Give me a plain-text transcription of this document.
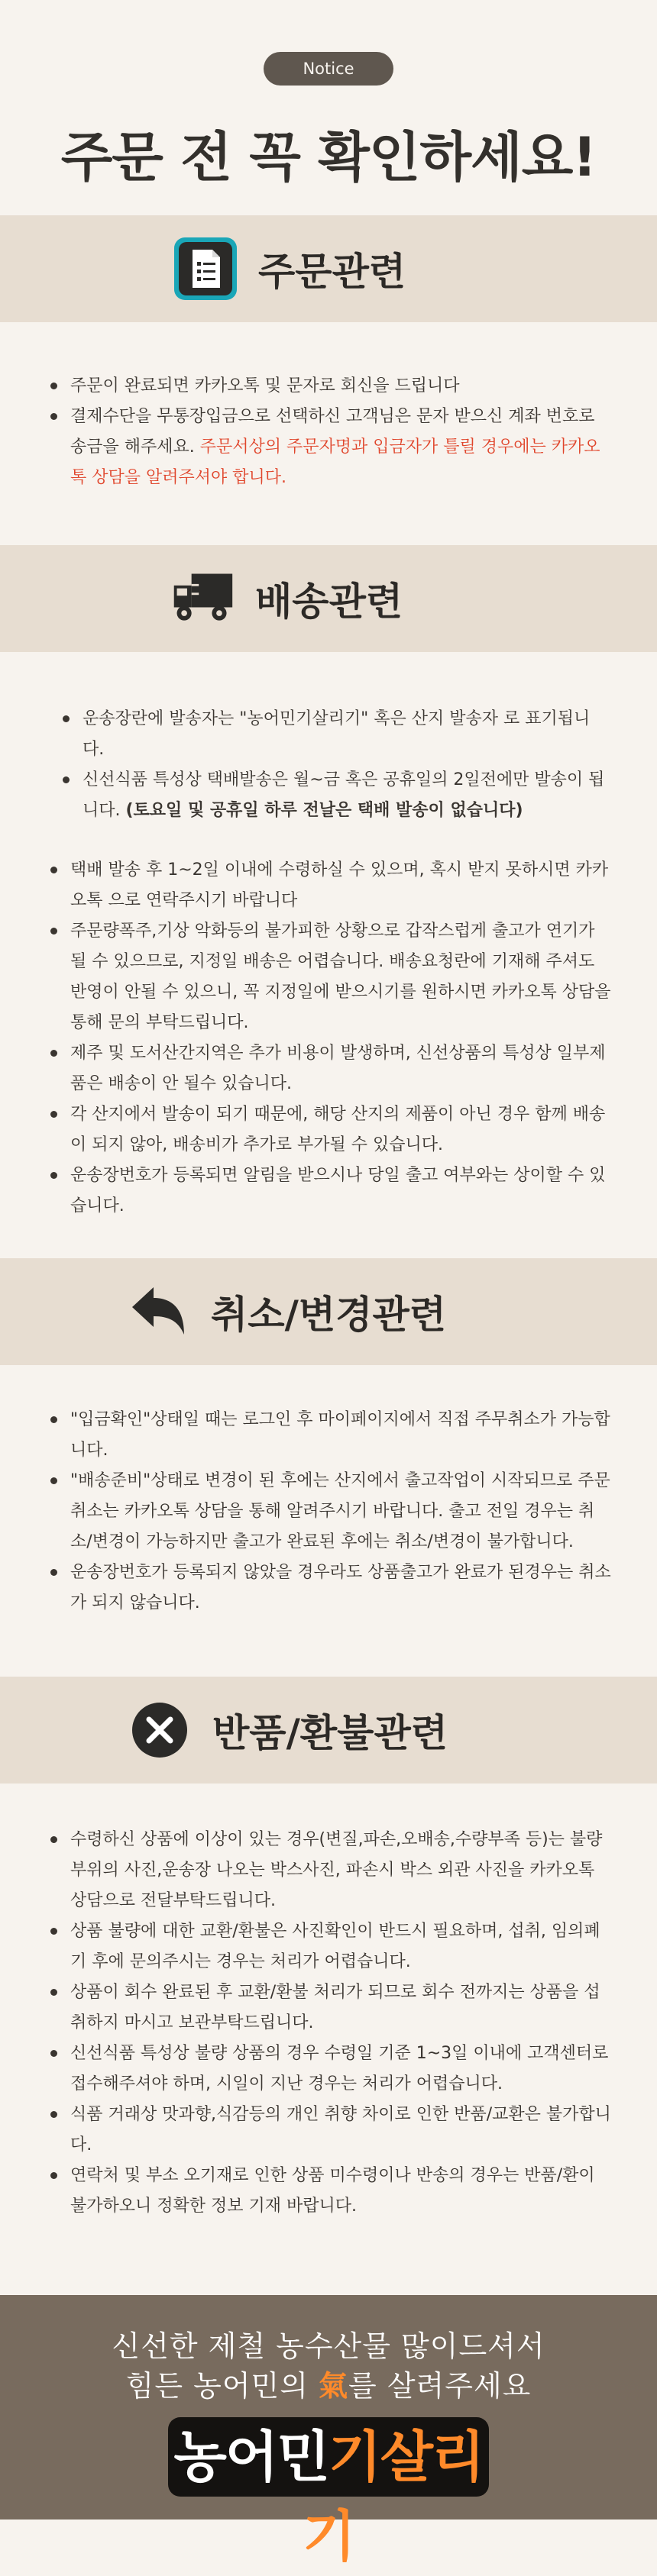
Notice
주문 전 꼭 확인하세요!
주문관련
주문이 완료되면 카카오톡 및 문자로 회신을 드립니다
결제수단을 무통장입금으로 선택하신 고객님은 문자 받으신 계좌 번호로 송금을 해주세요. 주문서상의 주문자명과 입금자가 틀릴 경우에는 카카오톡 상담을 알려주셔야 합니다.
배송관련
운송장란에 발송자는 "농어민기살리기" 혹은 산지 발송자 로 표기됩니다.
신선식품 특성상 택배발송은 월~금 혹은 공휴일의 2일전에만 발송이 됩니다. (토요일 및 공휴일 하루 전날은 택배 발송이 없습니다)
택배 발송 후 1~2일 이내에 수령하실 수 있으며, 혹시 받지 못하시면 카카오톡 으로 연락주시기 바랍니다
주문량폭주,기상 악화등의 불가피한 상황으로 갑작스럽게 출고가 연기가 될 수 있으므로, 지정일 배송은 어렵습니다. 배송요청란에 기재해 주셔도 반영이 안될 수 있으니, 꼭 지정일에 받으시기를 원하시면 카카오톡 상담을 통해 문의 부탁드립니다.
제주 및 도서산간지역은 추가 비용이 발생하며, 신선상품의 특성상 일부제품은 배송이 안 될수 있습니다.
각 산지에서 발송이 되기 때문에, 해당 산지의 제품이 아닌 경우 함께 배송이 되지 않아, 배송비가 추가로 부가될 수 있습니다.
운송장번호가 등록되면 알림을 받으시나 당일 출고 여부와는 상이할 수 있습니다.
취소/변경관련
"입금확인"상태일 때는 로그인 후 마이페이지에서 직접 주무취소가 가능합니다.
"배송준비"상태로 변경이 된 후에는 산지에서 출고작업이 시작되므로 주문취소는 카카오톡 상담을 통해 알려주시기 바랍니다. 출고 전일 경우는 취소/변경이 가능하지만 출고가 완료된 후에는 취소/변경이 불가합니다.
운송장번호가 등록되지 않았을 경우라도 상품출고가 완료가 된경우는 취소가 되지 않습니다.
반품/환불관련
수령하신 상품에 이상이 있는 경우(변질,파손,오배송,수량부족 등)는 불량 부위의 사진,운송장 나오는 박스사진, 파손시 박스 외관 사진을 카카오톡 상담으로 전달부탁드립니다.
상품 불량에 대한 교환/환불은 사진확인이 반드시 필요하며, 섭취, 임의폐기 후에 문의주시는 경우는 처리가 어렵습니다.
상품이 회수 완료된 후 교환/환불 처리가 되므로 회수 전까지는 상품을 섭취하지 마시고 보관부탁드립니다.
신선식품 특성상 불량 상품의 경우 수령일 기준 1~3일 이내에 고객센터로 접수해주셔야 하며, 시일이 지난 경우는 처리가 어렵습니다.
식품 거래상 맛과향,식감등의 개인 취향 차이로 인한 반품/교환은 불가합니다.
연락처 및 부소 오기재로 인한 상품 미수령이나 반송의 경우는 반품/환이 불가하오니 정확한 정보 기재 바랍니다.
신선한 제철 농수산물 많이드셔서
힘든 농어민의 氣를 살려주세요
농어민기살리기
